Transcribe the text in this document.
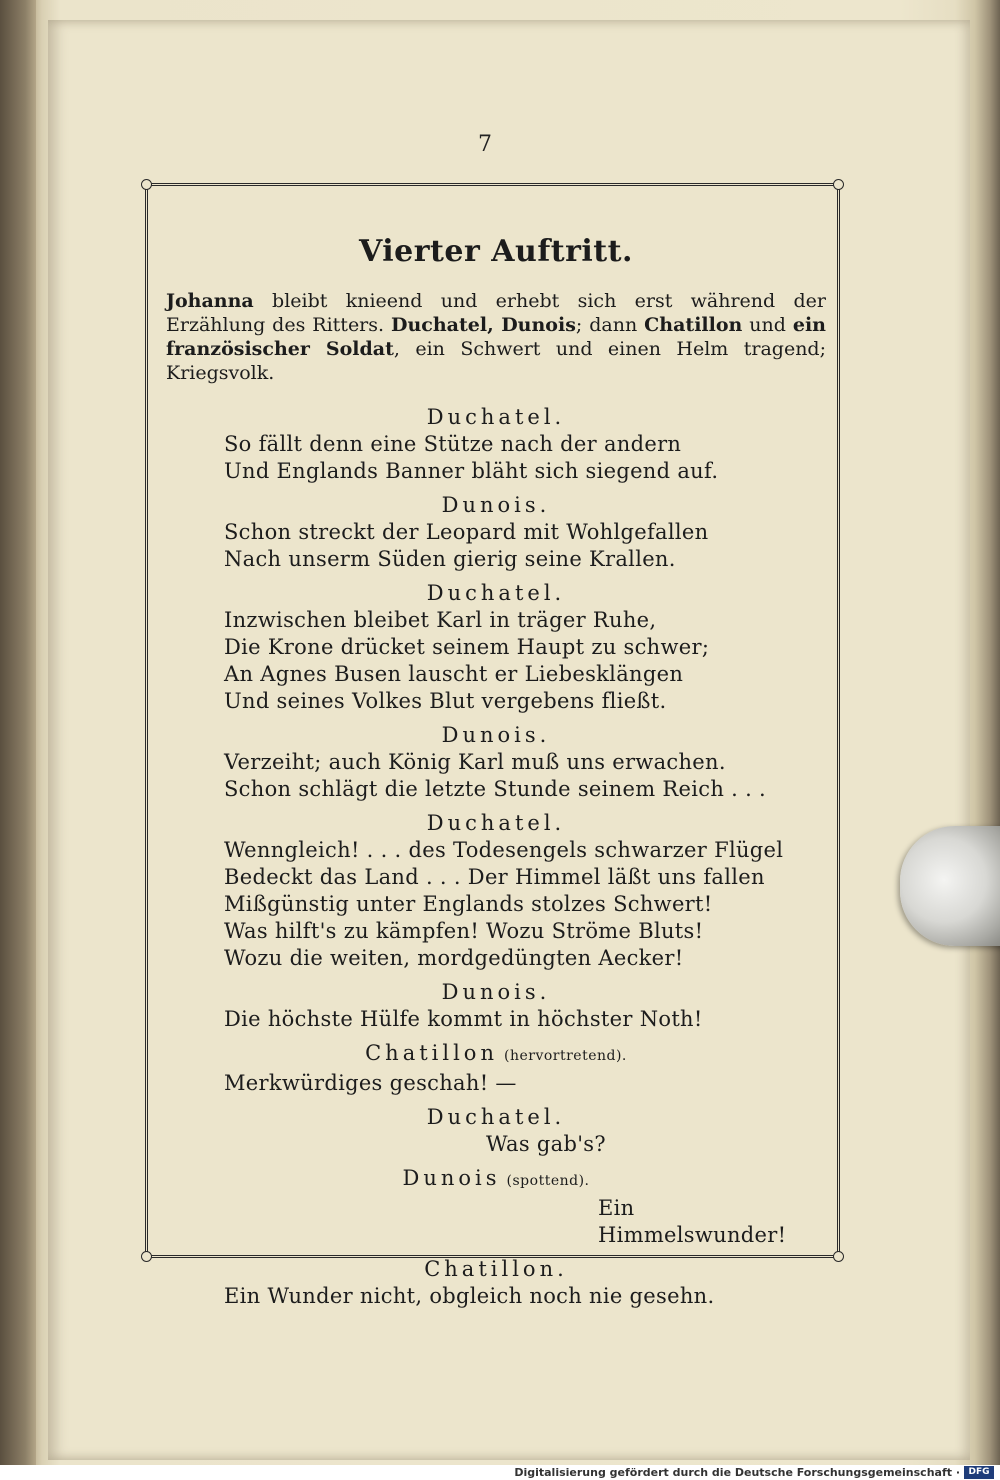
7
Vierter Auftritt.
Johanna bleibt knieend und erhebt sich erst während der Erzählung des Ritters. Duchatel, Dunois; dann Chatillon und ein französischer Soldat, ein Schwert und einen Helm tragend; Kriegsvolk.
Duchatel.
So fällt denn eine Stütze nach der andern
Und Englands Banner bläht sich siegend auf.
Dunois.
Schon streckt der Leopard mit Wohlgefallen
Nach unserm Süden gierig seine Krallen.
Duchatel.
Inzwischen bleibet Karl in träger Ruhe,
Die Krone drücket seinem Haupt zu schwer;
An Agnes Busen lauscht er Liebesklängen
Und seines Volkes Blut vergebens fließt.
Dunois.
Verzeiht; auch König Karl muß uns erwachen.
Schon schlägt die letzte Stunde seinem Reich . . .
Duchatel.
Wenngleich! . . . des Todesengels schwarzer Flügel
Bedeckt das Land . . . Der Himmel läßt uns fallen
Mißgünstig unter Englands stolzes Schwert!
Was hilft's zu kämpfen! Wozu Ströme Bluts!
Wozu die weiten, mordgedüngten Aecker!
Dunois.
Die höchste Hülfe kommt in höchster Noth!
Chatillon (hervortretend).
Merkwürdiges geschah! —
Duchatel.
Was gab's?
Dunois (spottend).
Ein Himmelswunder!
Chatillon.
Ein Wunder nicht, obgleich noch nie gesehn.
Digitalisierung gefördert durch die Deutsche Forschungsgemeinschaft · DFG
